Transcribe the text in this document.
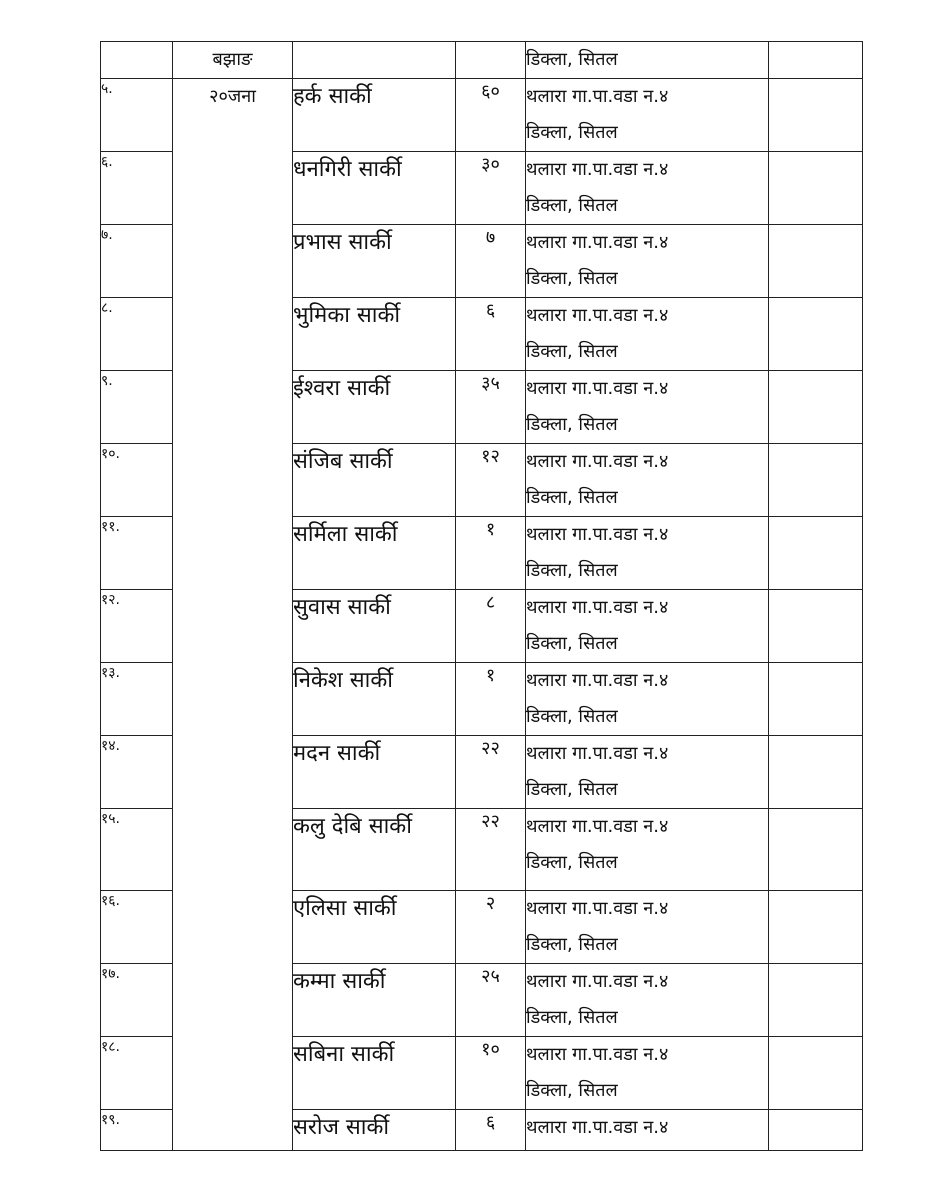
	बझाङ			डिक्ला, सितल	

५.	२०जना	हर्क सार्की	६०	थलारा गा.पा.वडा न.४
डिक्ला, सितल	

६.		धनगिरी सार्की	३०	थलारा गा.पा.वडा न.४
डिक्ला, सितल	

७.		प्रभास सार्की	७	थलारा गा.पा.वडा न.४
डिक्ला, सितल	

८.		भुमिका सार्की	६	थलारा गा.पा.वडा न.४
डिक्ला, सितल	

९.		ईश्वरा सार्की	३५	थलारा गा.पा.वडा न.४
डिक्ला, सितल	

१०.		संजिब सार्की	१२	थलारा गा.पा.वडा न.४
डिक्ला, सितल	

११.		सर्मिला सार्की	१	थलारा गा.पा.वडा न.४
डिक्ला, सितल	

१२.		सुवास सार्की	८	थलारा गा.पा.वडा न.४
डिक्ला, सितल	

१३.		निकेश सार्की	१	थलारा गा.पा.वडा न.४
डिक्ला, सितल	

१४.		मदन सार्की	२२	थलारा गा.पा.वडा न.४
डिक्ला, सितल	

१५.		कलु देबि सार्की	२२	थलारा गा.पा.वडा न.४
डिक्ला, सितल	

१६.		एलिसा सार्की	२	थलारा गा.पा.वडा न.४
डिक्ला, सितल	

१७.		कम्मा सार्की	२५	थलारा गा.पा.वडा न.४
डिक्ला, सितल	

१८.		सबिना सार्की	१०	थलारा गा.पा.वडा न.४
डिक्ला, सितल	

१९.		सरोज सार्की	६	थलारा गा.पा.वडा न.४	
